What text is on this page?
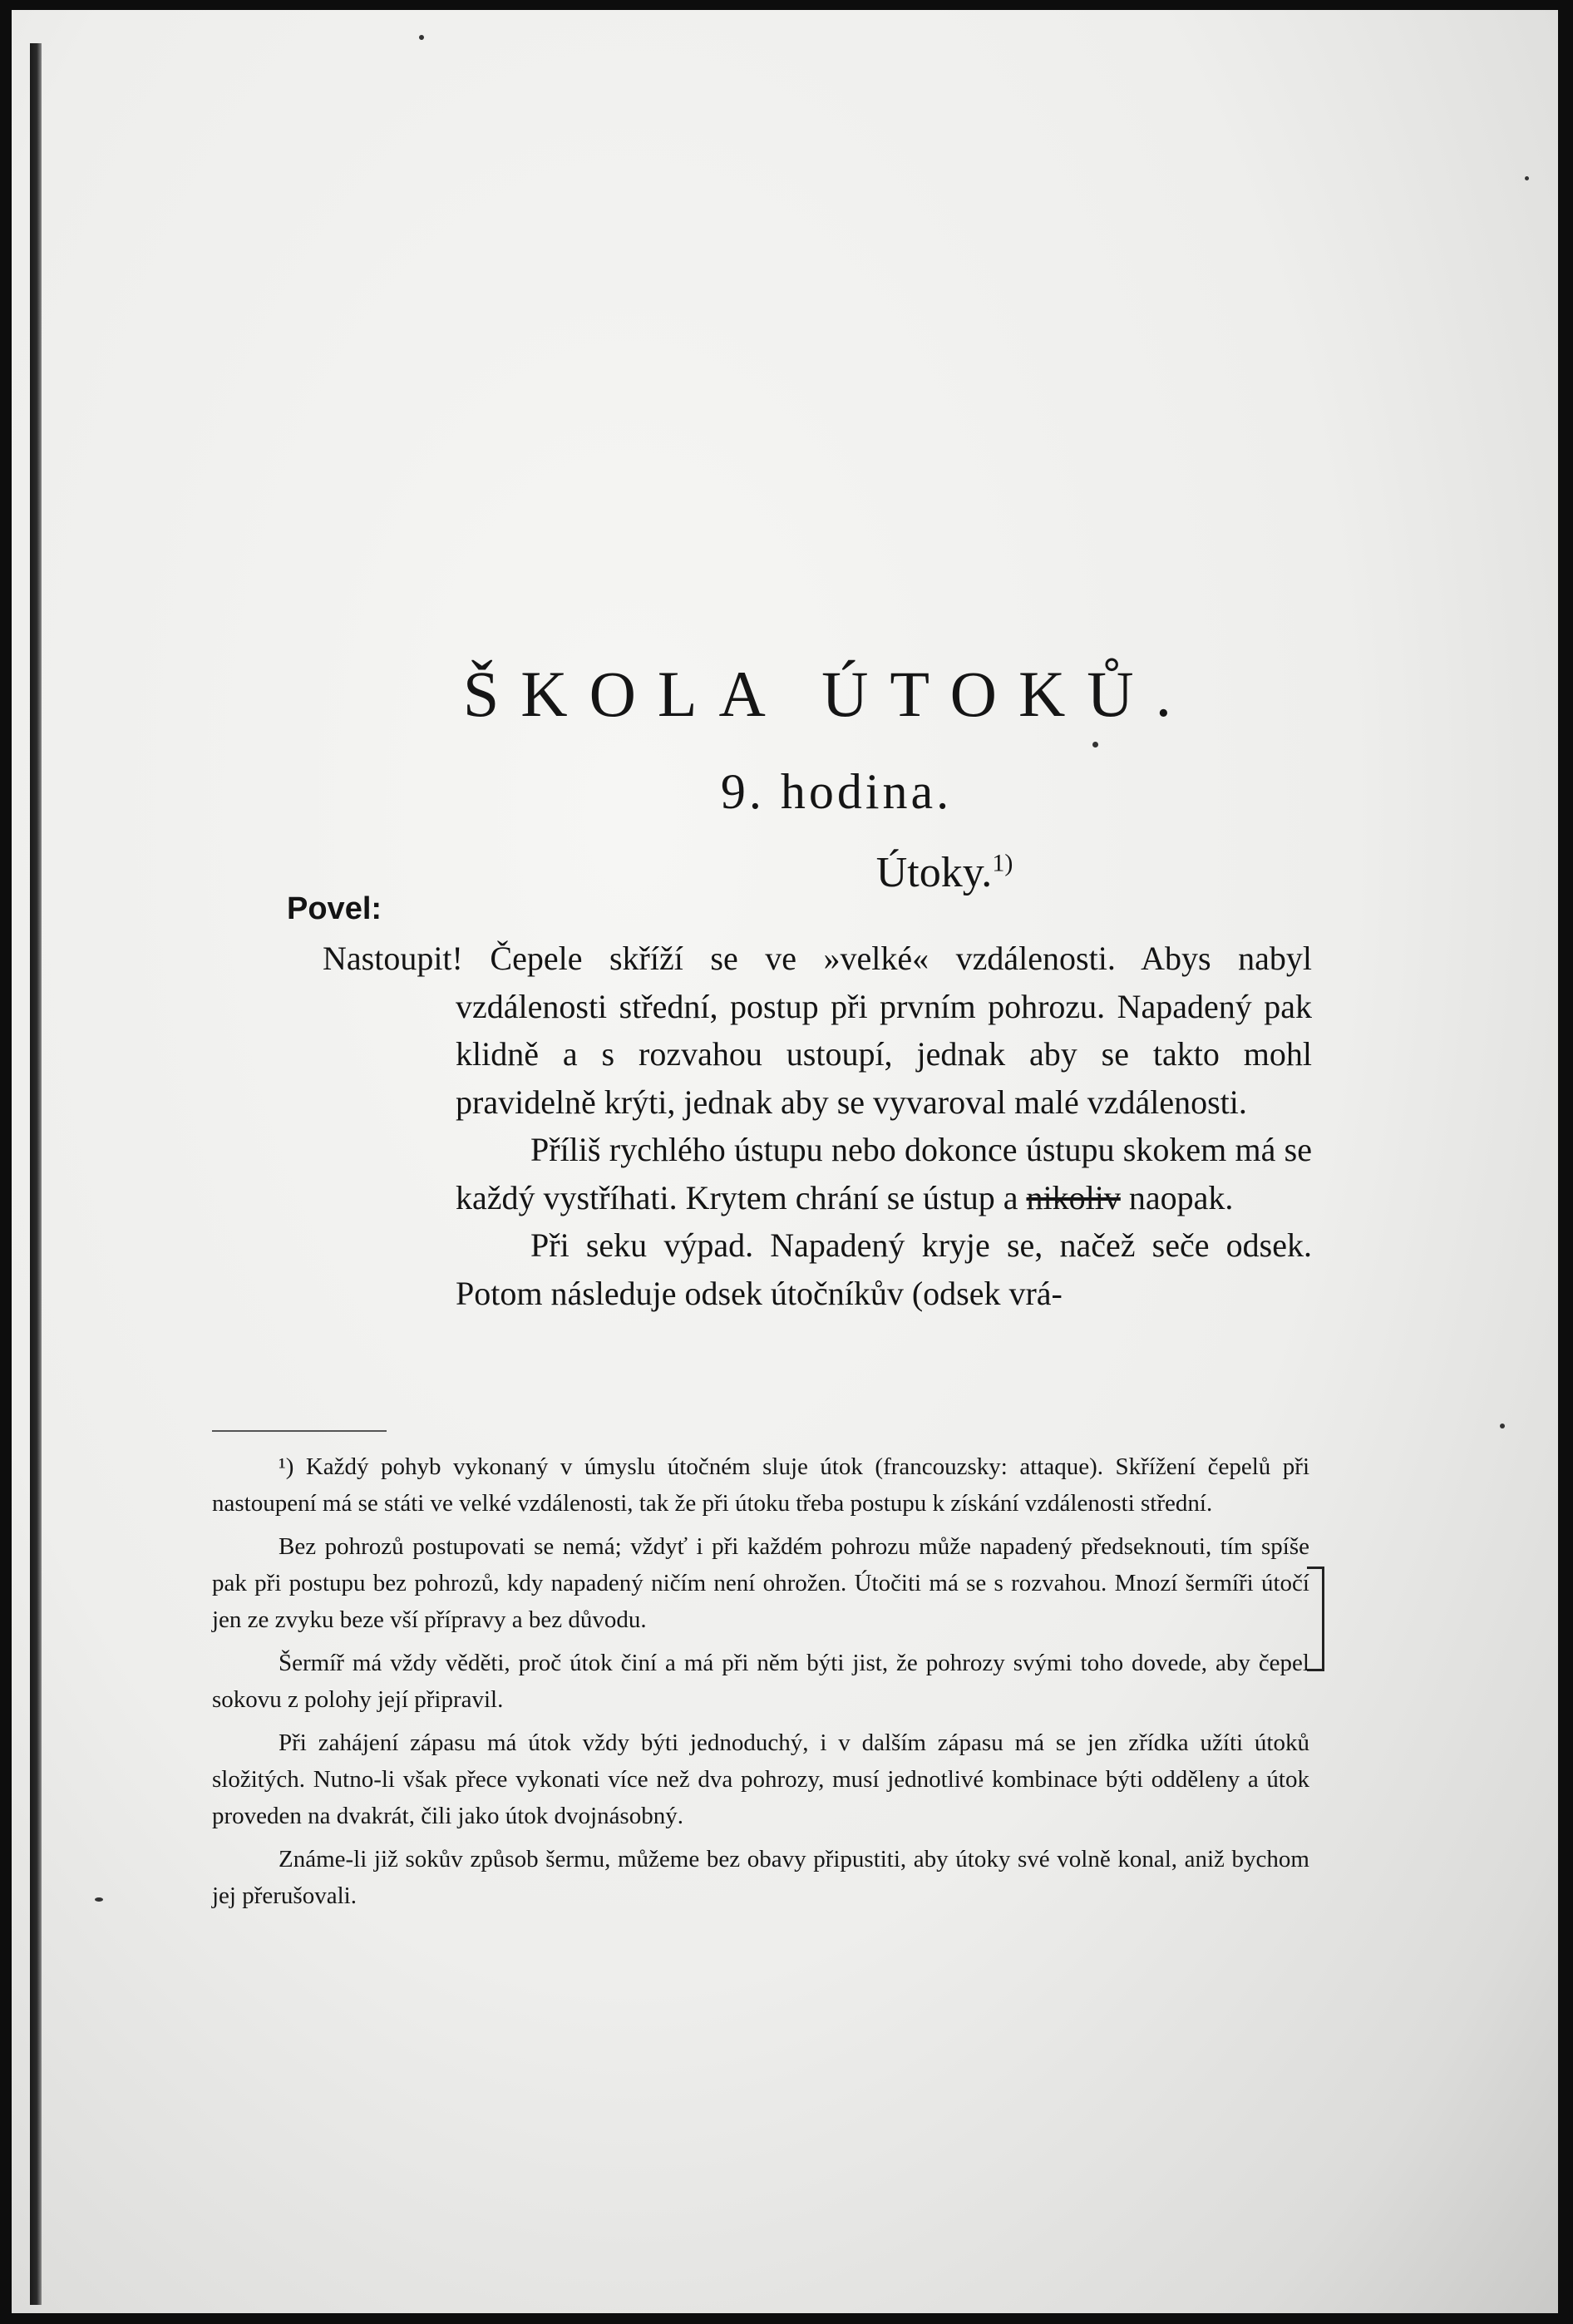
ŠKOLA ÚTOKŮ.
9. hodina.
Útoky.$^{1)}$
Povel:

Nastoupit! Čepele skříží se ve »velké« vzdálenosti. Abys nabyl vzdálenosti střední, postup při prvním pohrozu. Napadený pak klidně a s rozvahou ustoupí, jednak aby se takto mohl pravidelně krýti, jednak aby se vyvaroval malé vzdálenosti.

Příliš rychlého ústupu nebo dokonce ústupu skokem má se každý vystříhati. Krytem chrání se ústup a nikoliv naopak.

Při seku výpad. Napadený kryje se, načež seče odsek. Potom následuje odsek útočníkův (odsek vrá-

¹) Každý pohyb vykonaný v úmyslu útočném sluje útok (francouzsky: attaque). Skřížení čepelů při nastoupení má se státi ve velké vzdálenosti, tak že při útoku třeba postupu k získání vzdálenosti střední.

Bez pohrozů postupovati se nemá; vždyť i při každém pohrozu může napadený předseknouti, tím spíše pak při postupu bez pohrozů, kdy napadený ničím není ohrožen. Útočiti má se s rozvahou. Mnozí šermíři útočí jen ze zvyku beze vší přípravy a bez důvodu.

Šermíř má vždy věděti, proč útok činí a má při něm býti jist, že pohrozy svými toho dovede, aby čepel sokovu z polohy její připravil.

Při zahájení zápasu má útok vždy býti jednoduchý, i v dalším zápasu má se jen zřídka užíti útoků složitých. Nutno-li však přece vykonati více než dva pohrozy, musí jednotlivé kombinace býti odděleny a útok proveden na dvakrát, čili jako útok dvojnásobný.

Známe-li již sokův způsob šermu, můžeme bez obavy připustiti, aby útoky své volně konal, aniž bychom jej přerušovali.
